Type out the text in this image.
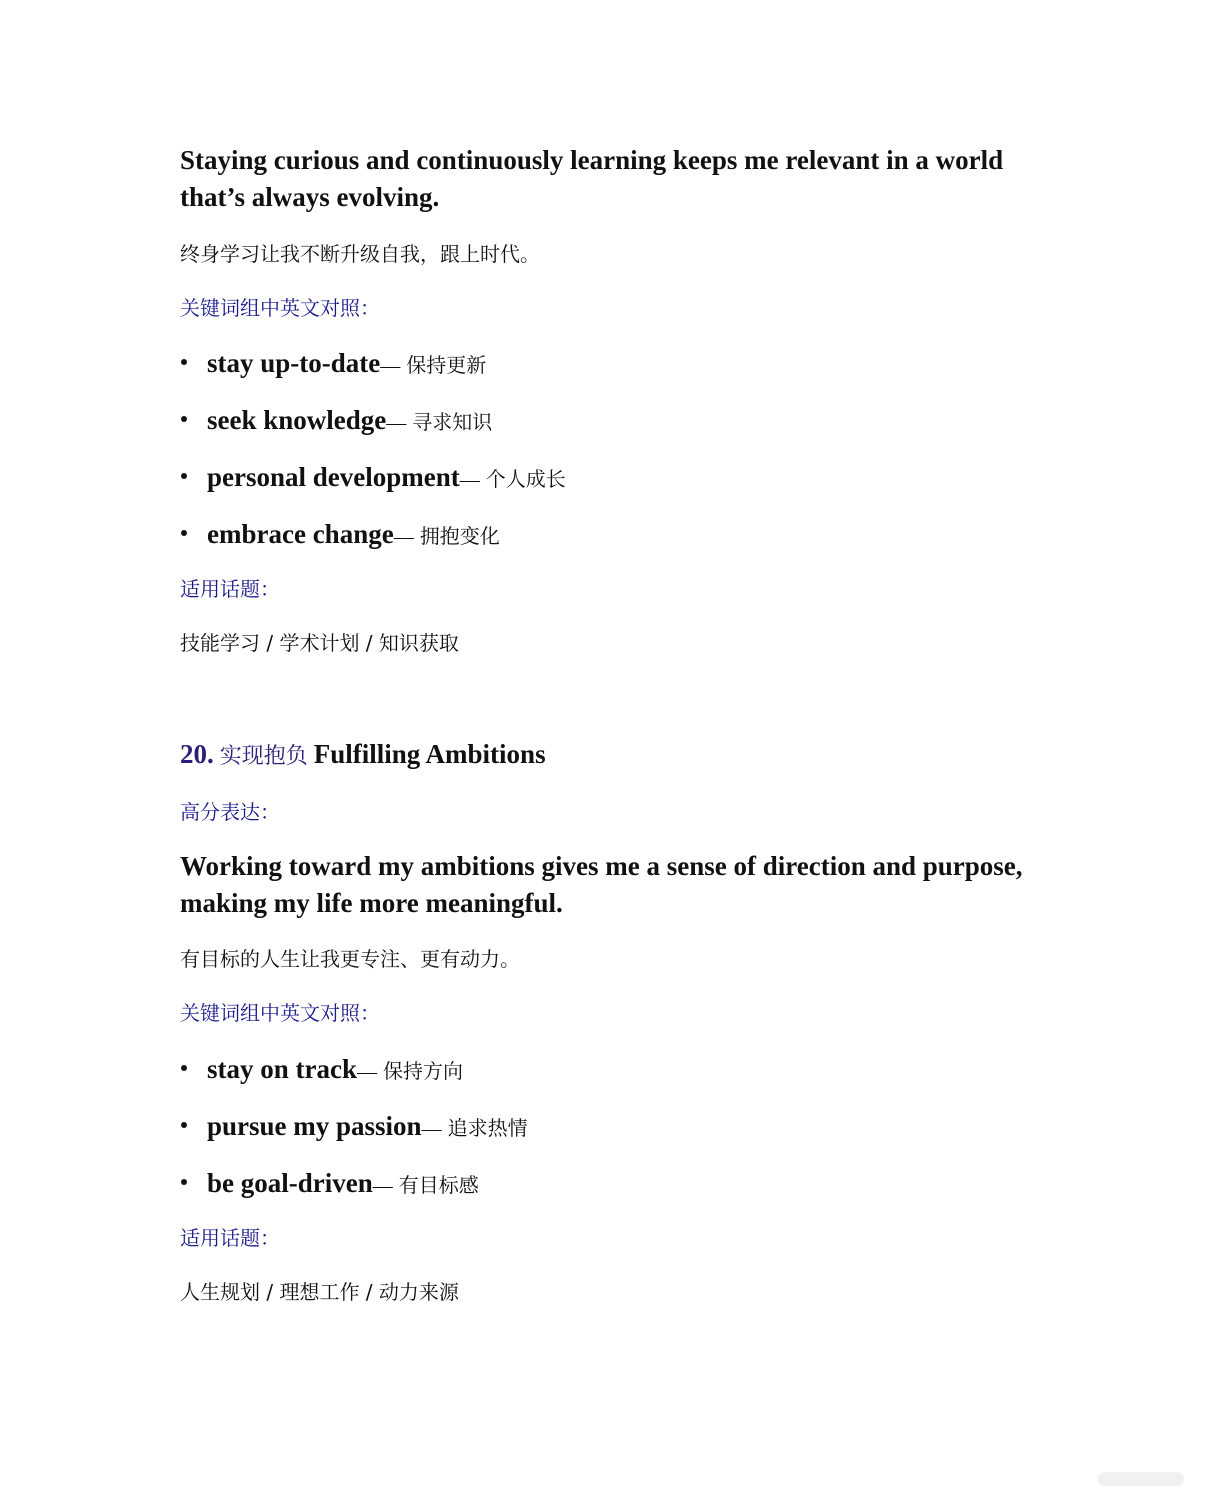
Staying curious and continuously learning keeps me relevant in a world that’s always evolving.

终身学习让我不断升级自我，跟上时代。
关键词组中英文对照：
stay up-to-date— 保持更新
seek knowledge— 寻求知识
personal development— 个人成长
embrace change— 拥抱变化
适用话题：
技能学习 / 学术计划 / 知识获取
20. 实现抱负 Fulfilling Ambitions
高分表达：

Working toward my ambitions gives me a sense of direction and purpose, making my life more meaningful.

有目标的人生让我更专注、更有动力。
关键词组中英文对照：
stay on track— 保持方向
pursue my passion— 追求热情
be goal-driven— 有目标感
适用话题：
人生规划 / 理想工作 / 动力来源
